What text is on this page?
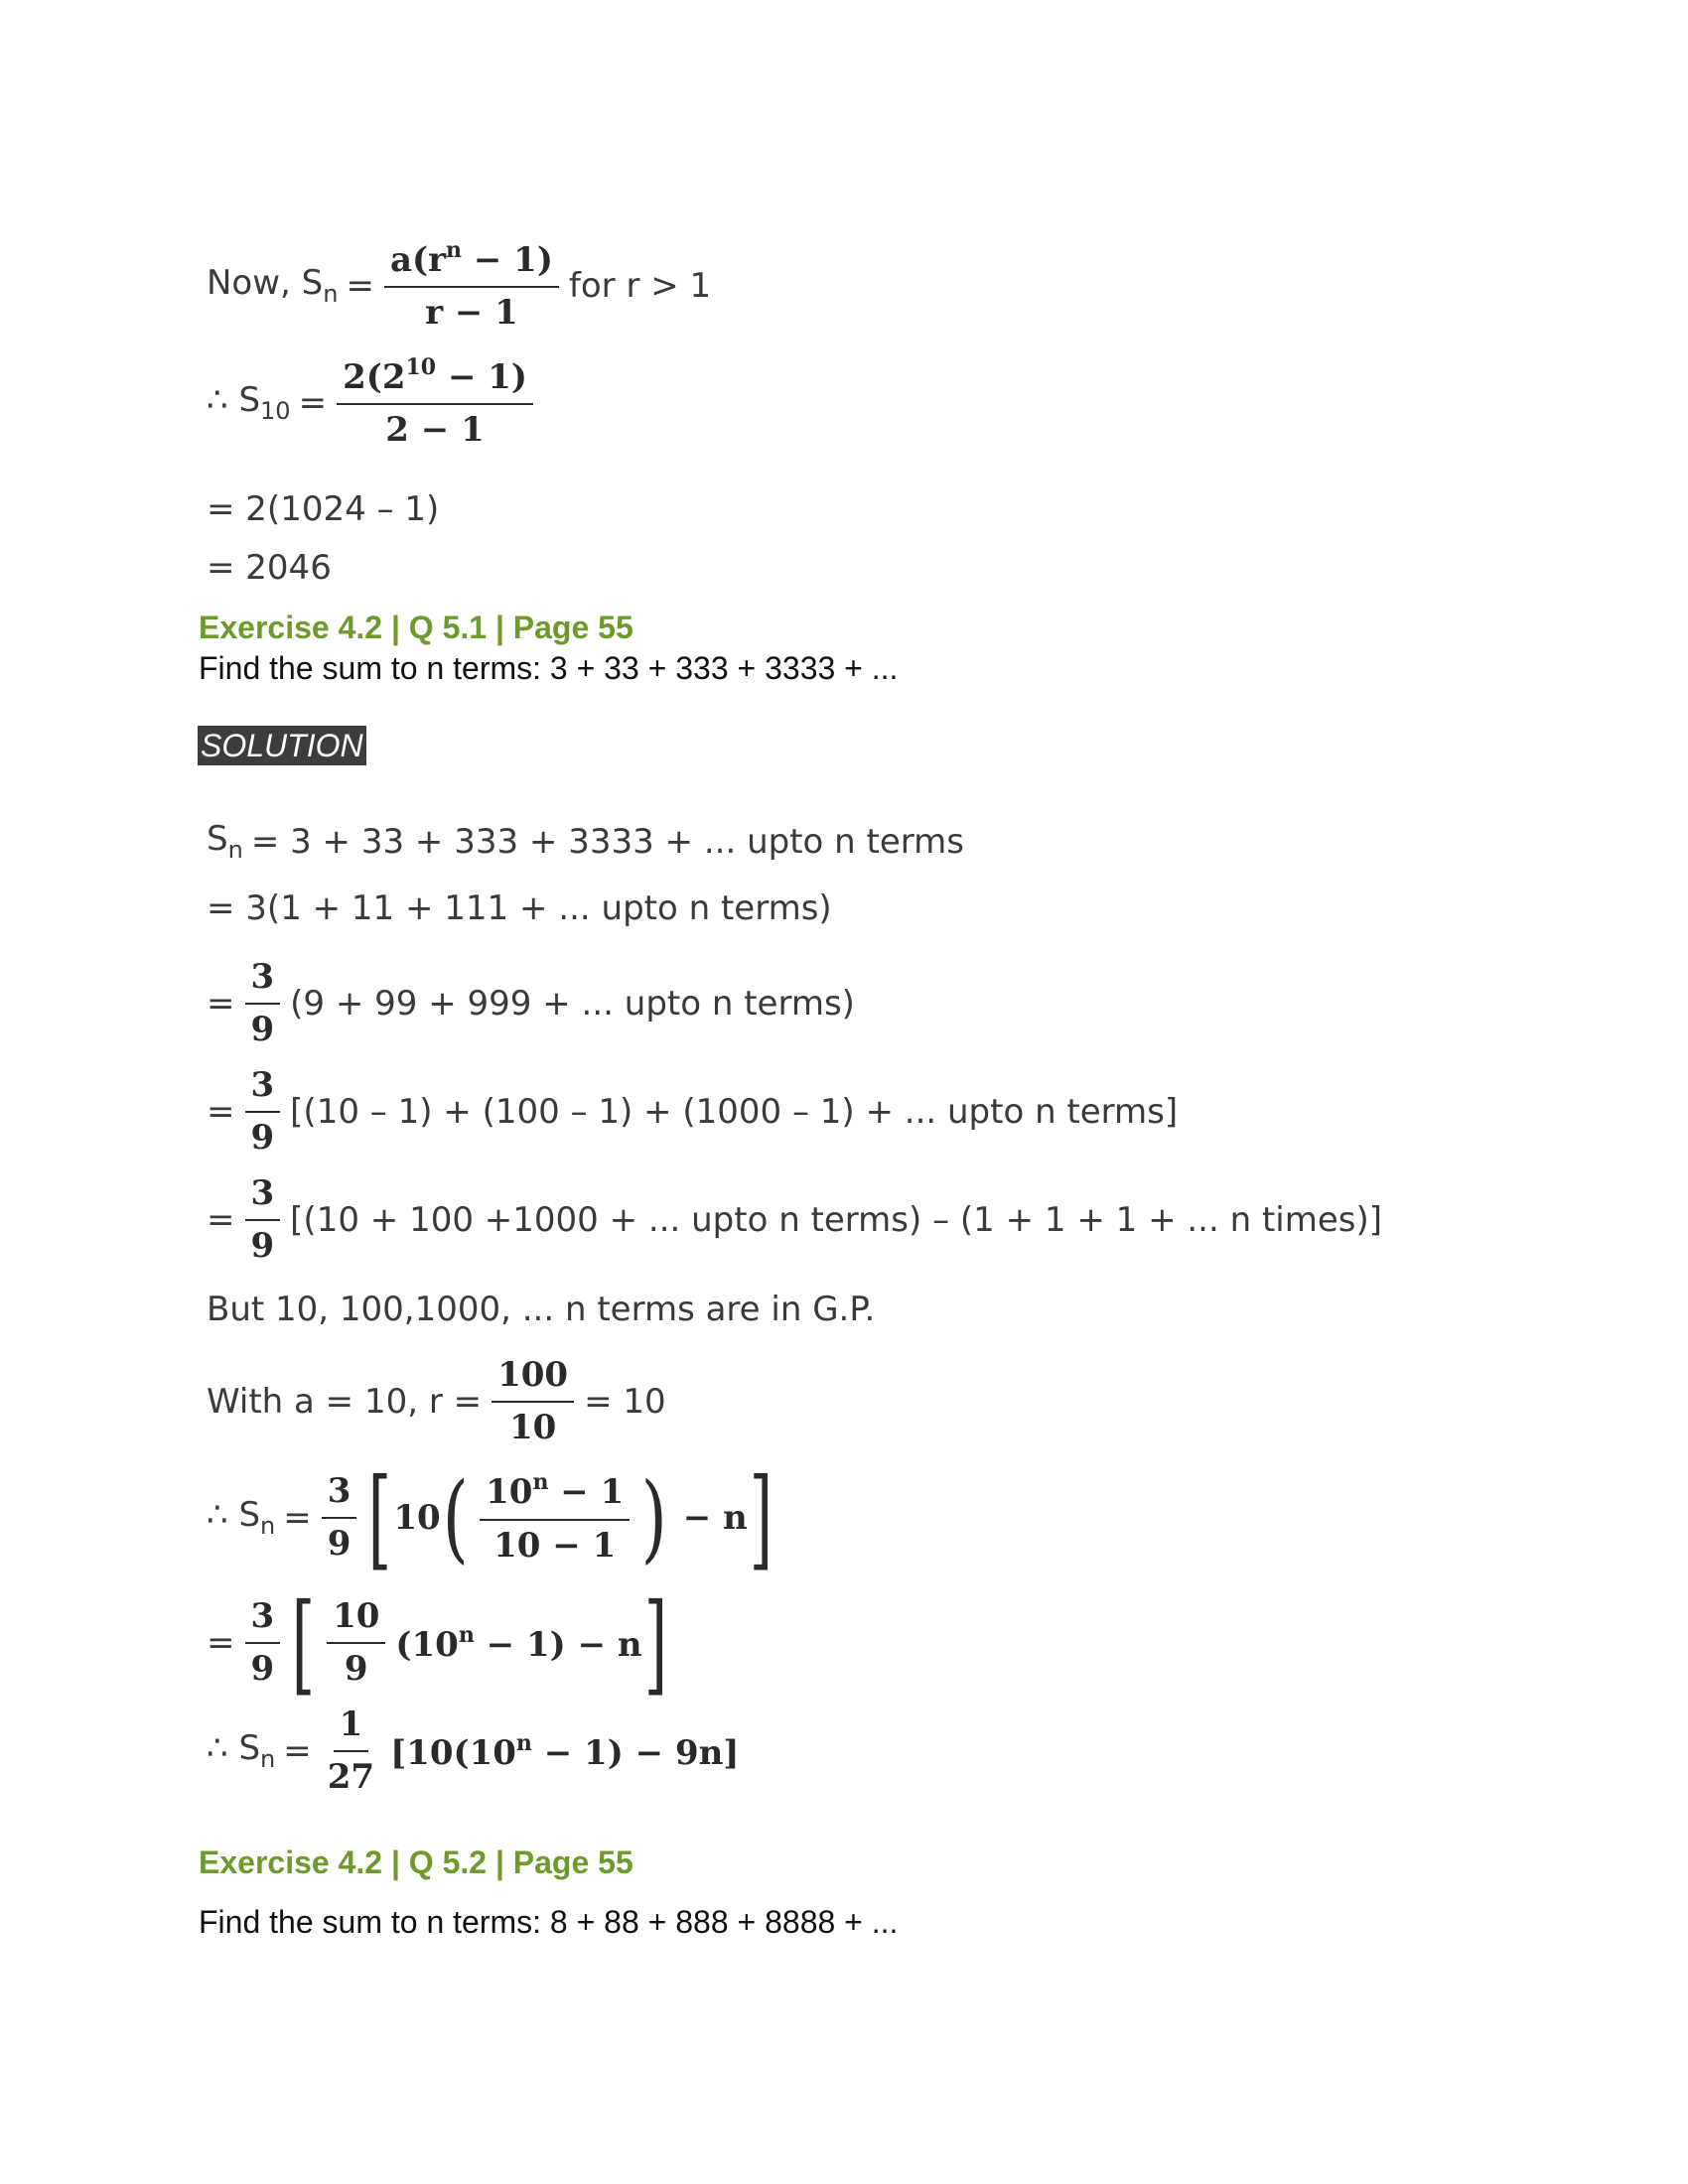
Now, $S_n = \frac{a(r^n - 1)}{r - 1}$ for r > 1
∴ $S_{10} = \frac{2(2^{10} - 1)}{2 - 1}$
= 2(1024 – 1)
= 2046
Exercise 4.2 | Q 5.1 | Page 55
Find the sum to n terms: 3 + 33 + 333 + 3333 + ...
SOLUTION
$S_n = 3 + 33 + 333 + 3333$ + ... upto n terms
= 3(1 + 11 + 111 + ... upto n terms)
= $\frac{3}{9} (9 + 99 + 999$ + ... upto n terms)
= $\frac{3}{9} [(10 - 1) + (100 - 1) + (1000 - 1)$ + ... upto n terms]
= $\frac{3}{9} [(10 + 100 +1000$ + ... upto n terms) – (1 + 1 + 1 + ... n times)]
But 10, 100,1000, ... n terms are in G.P.
With a = 10, $r = \frac{100}{10} = 10$
∴ $S_n = \frac{3}{9}$ [ 10 ( $\frac{10^n - 1}{10 - 1}$ ) − n ]
= $\frac{3}{9}$ [ $\frac{10}{9} (10^n - 1) - n$ ]
∴ $S_n = \frac{1}{27} [10(10^n - 1) - 9n]$
Exercise 4.2 | Q 5.2 | Page 55
Find the sum to n terms: 8 + 88 + 888 + 8888 + ...
